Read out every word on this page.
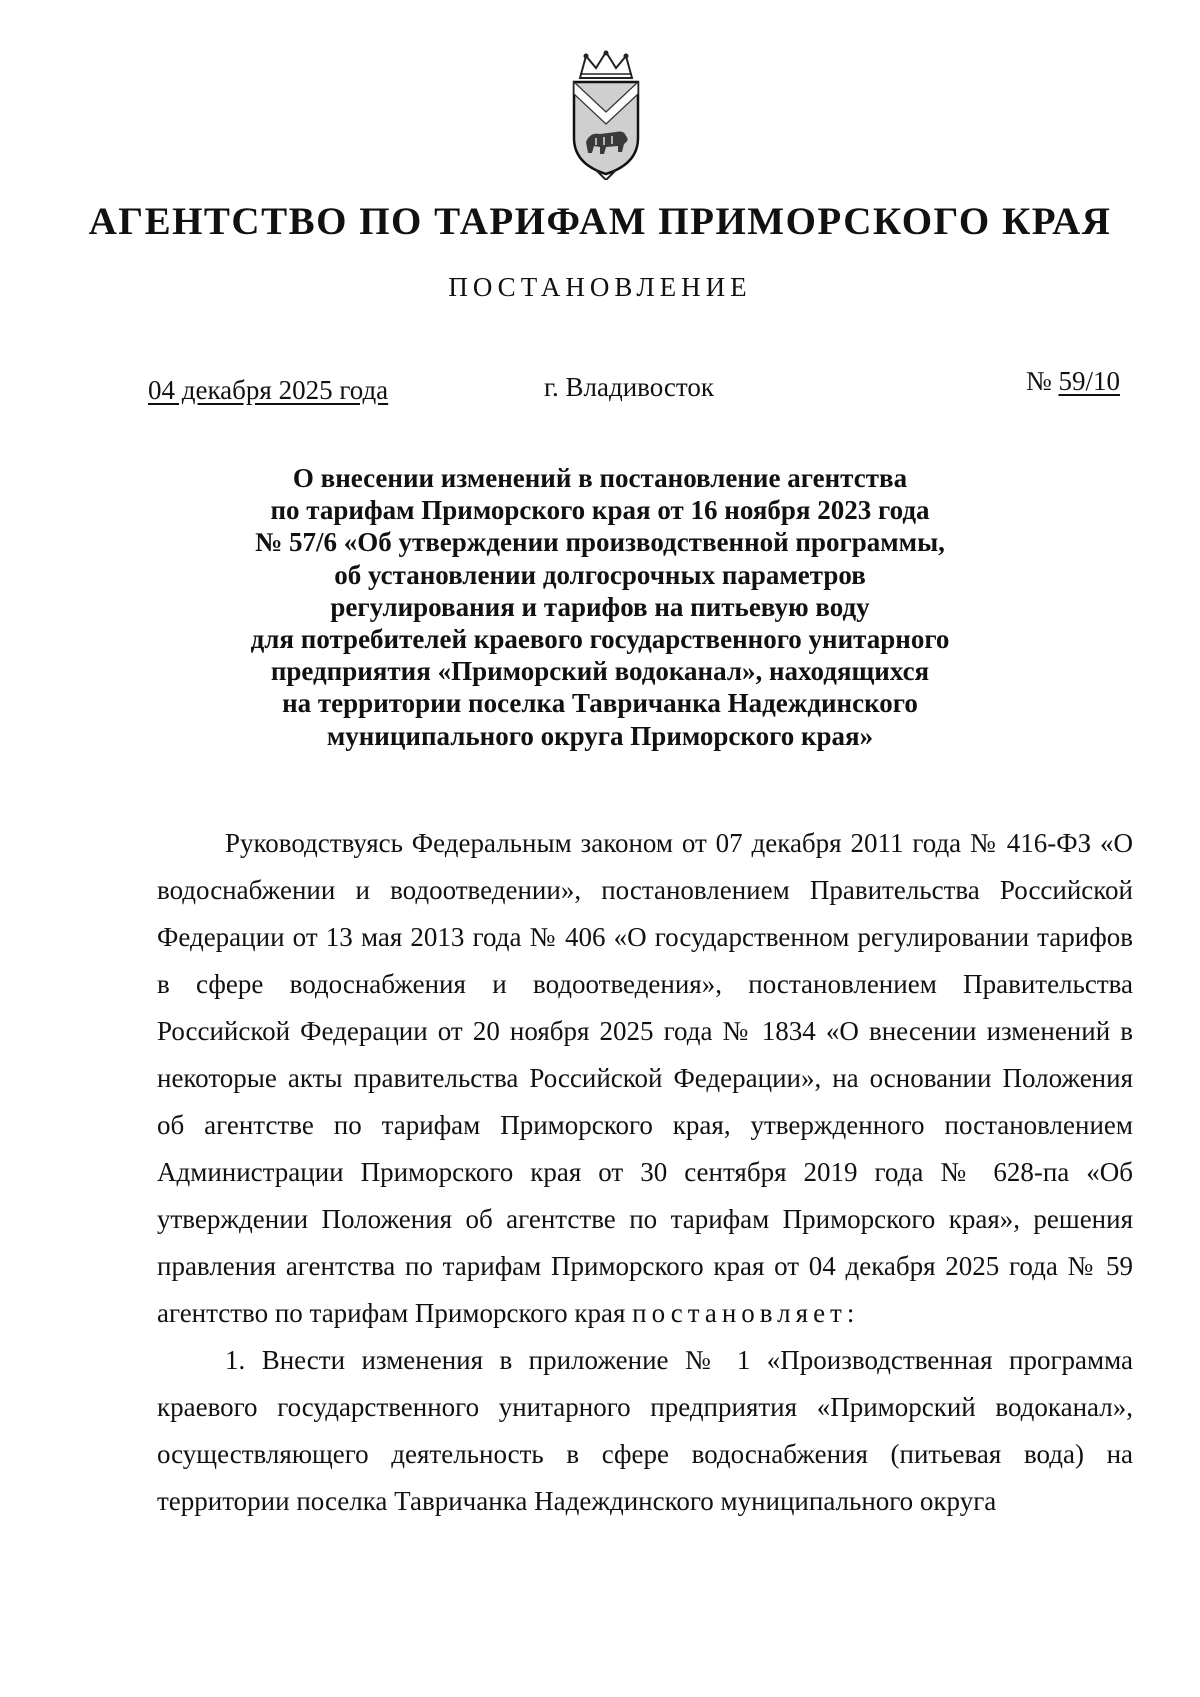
АГЕНТСТВО ПО ТАРИФАМ ПРИМОРСКОГО КРАЯ
ПОСТАНОВЛЕНИЕ
04 декабря 2025 года	г. Владивосток	№ 59/10
О внесении изменений в постановление агентства
по тарифам Приморского края от 16 ноября 2023 года
№ 57/6 «Об утверждении производственной программы,
об установлении долгосрочных параметров
регулирования и тарифов на питьевую воду
для потребителей краевого государственного унитарного
предприятия «Приморский водоканал», находящихся
на территории поселка Тавричанка Надеждинского
муниципального округа Приморского края»

Руководствуясь Федеральным законом от 07 декабря 2011 года № 416-ФЗ «О водоснабжении и водоотведении», постановлением Правительства Российской Федерации от 13 мая 2013 года № 406 «О государственном регулировании тарифов в сфере водоснабжения и водоотведения», постановлением Правительства Российской Федерации от 20 ноября 2025 года № 1834 «О внесении изменений в некоторые акты правительства Российской Федерации», на основании Положения об агентстве по тарифам Приморского края, утвержденного постановлением Администрации Приморского края от 30 сентября 2019 года № 628-па «Об утверждении Положения об агентстве по тарифам Приморского края», решения правления агентства по тарифам Приморского края от 04 декабря 2025 года № 59 агентство по тарифам Приморского края постановляет:

1. Внести изменения в приложение № 1 «Производственная программа краевого государственного унитарного предприятия «Приморский водоканал», осуществляющего деятельность в сфере водоснабжения (питьевая вода) на территории поселка Тавричанка Надеждинского муниципального округа
